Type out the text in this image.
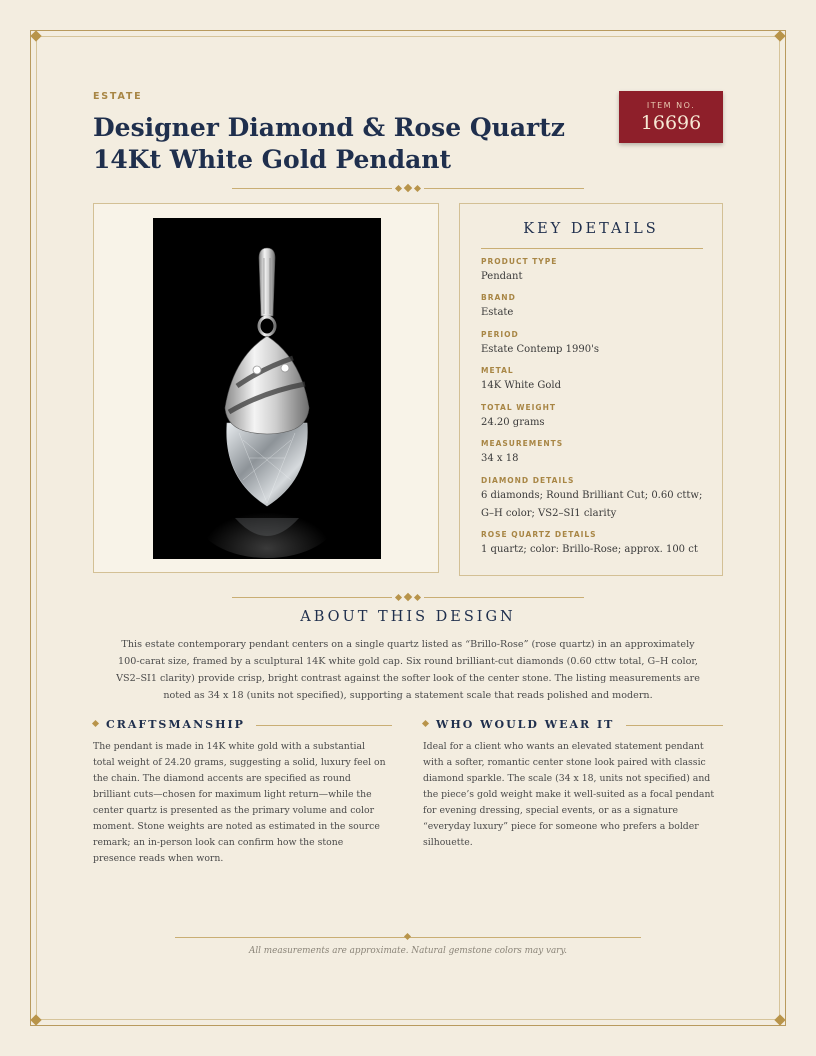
ESTATE
Designer Diamond & Rose Quartz 14Kt White Gold Pendant
ITEM NO.
16696
KEY DETAILS
PRODUCT TYPE
Pendant
BRAND
Estate
PERIOD
Estate Contemp 1990's
METAL
14K White Gold
TOTAL WEIGHT
24.20 grams
MEASUREMENTS
34 x 18
DIAMOND DETAILS
6 diamonds; Round Brilliant Cut; 0.60 cttw; G–H color; VS2–SI1 clarity
ROSE QUARTZ DETAILS
1 quartz; color: Brillo-Rose; approx. 100 ct
ABOUT THIS DESIGN

This estate contemporary pendant centers on a single quartz listed as “Brillo-Rose” (rose quartz) in an approximately 100-carat size, framed by a sculptural 14K white gold cap. Six round brilliant-cut diamonds (0.60 cttw total, G–H color, VS2–SI1 clarity) provide crisp, bright contrast against the softer look of the center stone. The listing measurements are noted as 34 x 18 (units not specified), supporting a statement scale that reads polished and modern.

CRAFTSMANSHIP

The pendant is made in 14K white gold with a substantial total weight of 24.20 grams, suggesting a solid, luxury feel on the chain. The diamond accents are specified as round brilliant cuts—chosen for maximum light return—while the center quartz is presented as the primary volume and color moment. Stone weights are noted as estimated in the source remark; an in-person look can confirm how the stone presence reads when worn.

WHO WOULD WEAR IT

Ideal for a client who wants an elevated statement pendant with a softer, romantic center stone look paired with classic diamond sparkle. The scale (34 x 18, units not specified) and the piece’s gold weight make it well-suited as a focal pendant for evening dressing, special events, or as a signature “everyday luxury” piece for someone who prefers a bolder silhouette.

All measurements are approximate. Natural gemstone colors may vary.
